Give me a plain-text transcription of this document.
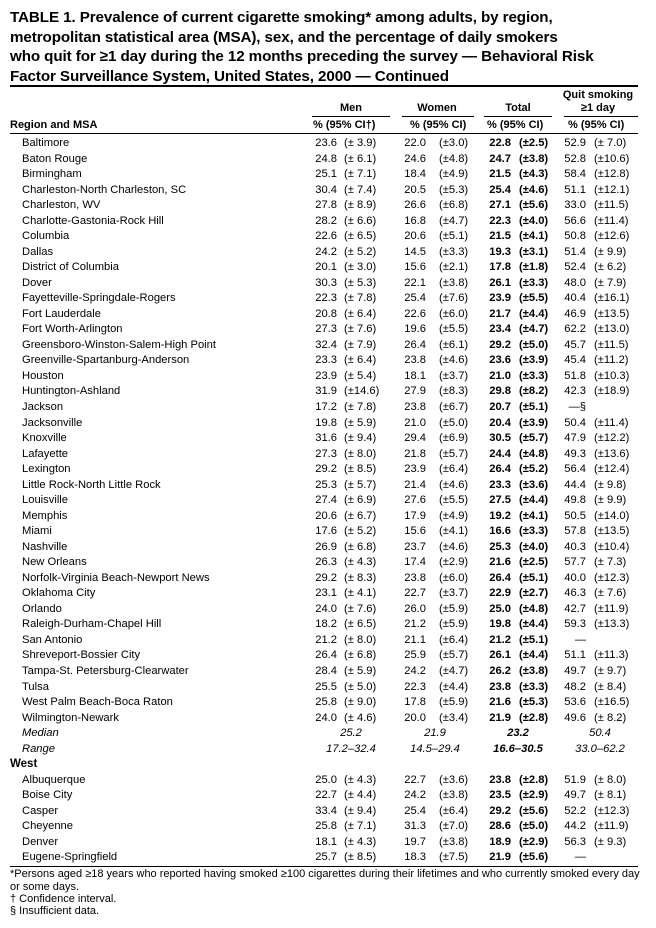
TABLE 1. Prevalence of current cigarette smoking* among adults, by region,
metropolitan statistical area (MSA), sex, and the percentage of daily smokers
who quit for ≥1 day during the 12 months preceding the survey — Behavioral Risk
Factor Surveillance System, United States, 2000 — Continued
Quit smoking
≥1 day
Men	Women	Total
Region and MSA	% (95% CI†)	% (95% CI) % (95% CI) % (95% CI)
Baltimore	23.6 (± 3.9)	22.0 (±3.0)	22.8 (±2.5)	52.9 (± 7.0)
Baton Rouge	24.8 (± 6.1)	24.6 (±4.8)	24.7 (±3.8)	52.8 (±10.6)
Birmingham	25.1 (± 7.1)	18.4 (±4.9)	21.5 (±4.3)	58.4 (±12.8)
Charleston-North Charleston, SC	30.4 (± 7.4)	20.5 (±5.3)	25.4 (±4.6)	51.1 (±12.1)
Charleston, WV	27.8 (± 8.9)	26.6 (±6.8)	27.1 (±5.6)	33.0 (±11.5)
Charlotte-Gastonia-Rock Hill	28.2 (± 6.6)	16.8 (±4.7)	22.3 (±4.0)	56.6 (±11.4)
Columbia	22.6 (± 6.5)	20.6 (±5.1)	21.5 (±4.1)	50.8 (±12.6)
Dallas	24.2 (± 5.2)	14.5 (±3.3)	19.3 (±3.1)	51.4 (± 9.9)
District of Columbia	20.1 (± 3.0)	15.6 (±2.1)	17.8 (±1.8)	52.4 (± 6.2)
Dover	30.3 (± 5.3)	22.1 (±3.8)	26.1 (±3.3)	48.0 (± 7.9)
Fayetteville-Springdale-Rogers	22.3 (± 7.8)	25.4 (±7.6)	23.9 (±5.5)	40.4 (±16.1)
Fort Lauderdale	20.8 (± 6.4)	22.6 (±6.0)	21.7 (±4.4)	46.9 (±13.5)
Fort Worth-Arlington	27.3 (± 7.6)	19.6 (±5.5)	23.4 (±4.7)	62.2 (±13.0)
Greensboro-Winston-Salem-High Point	32.4 (± 7.9)	26.4 (±6.1)	29.2 (±5.0)	45.7 (±11.5)
Greenville-Spartanburg-Anderson	23.3 (± 6.4)	23.8 (±4.6)	23.6 (±3.9)	45.4 (±11.2)
Houston	23.9 (± 5.4)	18.1 (±3.7)	21.0 (±3.3)	51.8 (±10.3)
Huntington-Ashland	31.9 (±14.6)	27.9 (±8.3)	29.8 (±8.2)	42.3 (±18.9)
Jackson	17.2 (± 7.8)	23.8 (±6.7)	20.7 (±5.1)	—§
Jacksonville	19.8 (± 5.9)	21.0 (±5.0)	20.4 (±3.9)	50.4 (±11.4)
Knoxville	31.6 (± 9.4)	29.4 (±6.9)	30.5 (±5.7)	47.9 (±12.2)
Lafayette	27.3 (± 8.0)	21.8 (±5.7)	24.4 (±4.8)	49.3 (±13.6)
Lexington	29.2 (± 8.5)	23.9 (±6.4)	26.4 (±5.2)	56.4 (±12.4)
Little Rock-North Little Rock	25.3 (± 5.7)	21.4 (±4.6)	23.3 (±3.6)	44.4 (± 9.8)
Louisville	27.4 (± 6.9)	27.6 (±5.5)	27.5 (±4.4)	49.8 (± 9.9)
Memphis	20.6 (± 6.7)	17.9 (±4.9)	19.2 (±4.1)	50.5 (±14.0)
Miami	17.6 (± 5.2)	15.6 (±4.1)	16.6 (±3.3)	57.8 (±13.5)
Nashville	26.9 (± 6.8)	23.7 (±4.6)	25.3 (±4.0)	40.3 (±10.4)
New Orleans	26.3 (± 4.3)	17.4 (±2.9)	21.6 (±2.5)	57.7 (± 7.3)
Norfolk-Virginia Beach-Newport News	29.2 (± 8.3)	23.8 (±6.0)	26.4 (±5.1)	40.0 (±12.3)
Oklahoma City	23.1 (± 4.1)	22.7 (±3.7)	22.9 (±2.7)	46.3 (± 7.6)
Orlando	24.0 (± 7.6)	26.0 (±5.9)	25.0 (±4.8)	42.7 (±11.9)
Raleigh-Durham-Chapel Hill	18.2 (± 6.5)	21.2 (±5.9)	19.8 (±4.4)	59.3 (±13.3)
San Antonio	21.2 (± 8.0)	21.1 (±6.4)	21.2 (±5.1)	—
Shreveport-Bossier City	26.4 (± 6.8)	25.9 (±5.7)	26.1 (±4.4)	51.1 (±11.3)
Tampa-St. Petersburg-Clearwater	28.4 (± 5.9)	24.2 (±4.7)	26.2 (±3.8)	49.7 (± 9.7)
Tulsa	25.5 (± 5.0)	22.3 (±4.4)	23.8 (±3.3)	48.2 (± 8.4)
West Palm Beach-Boca Raton	25.8 (± 9.0)	17.8 (±5.9)	21.6 (±5.3)	53.6 (±16.5)
Wilmington-Newark	24.0 (± 4.6)	20.0 (±3.4)	21.9 (±2.8)	49.6 (± 8.2)
Median	25.2	21.9	23.2	50.4
Range	17.2–32.4	14.5–29.4	16.6–30.5	33.0–62.2
West
Albuquerque	25.0 (± 4.3)	22.7 (±3.6)	23.8 (±2.8)	51.9 (± 8.0)
Boise City	22.7 (± 4.4)	24.2 (±3.8)	23.5 (±2.9)	49.7 (± 8.1)
Casper	33.4 (± 9.4)	25.4 (±6.4)	29.2 (±5.6)	52.2 (±12.3)
Cheyenne	25.8 (± 7.1)	31.3 (±7.0)	28.6 (±5.0)	44.2 (±11.9)
Denver	18.1 (± 4.3)	19.7 (±3.8)	18.9 (±2.9)	56.3 (± 9.3)
Eugene-Springfield	25.7 (± 8.5)	18.3 (±7.5)	21.9 (±5.6)	—
*Persons aged ≥18 years who reported having smoked ≥100 cigarettes during their lifetimes and who currently smoked every day or some days.
† Confidence interval.
§ Insufficient data.
